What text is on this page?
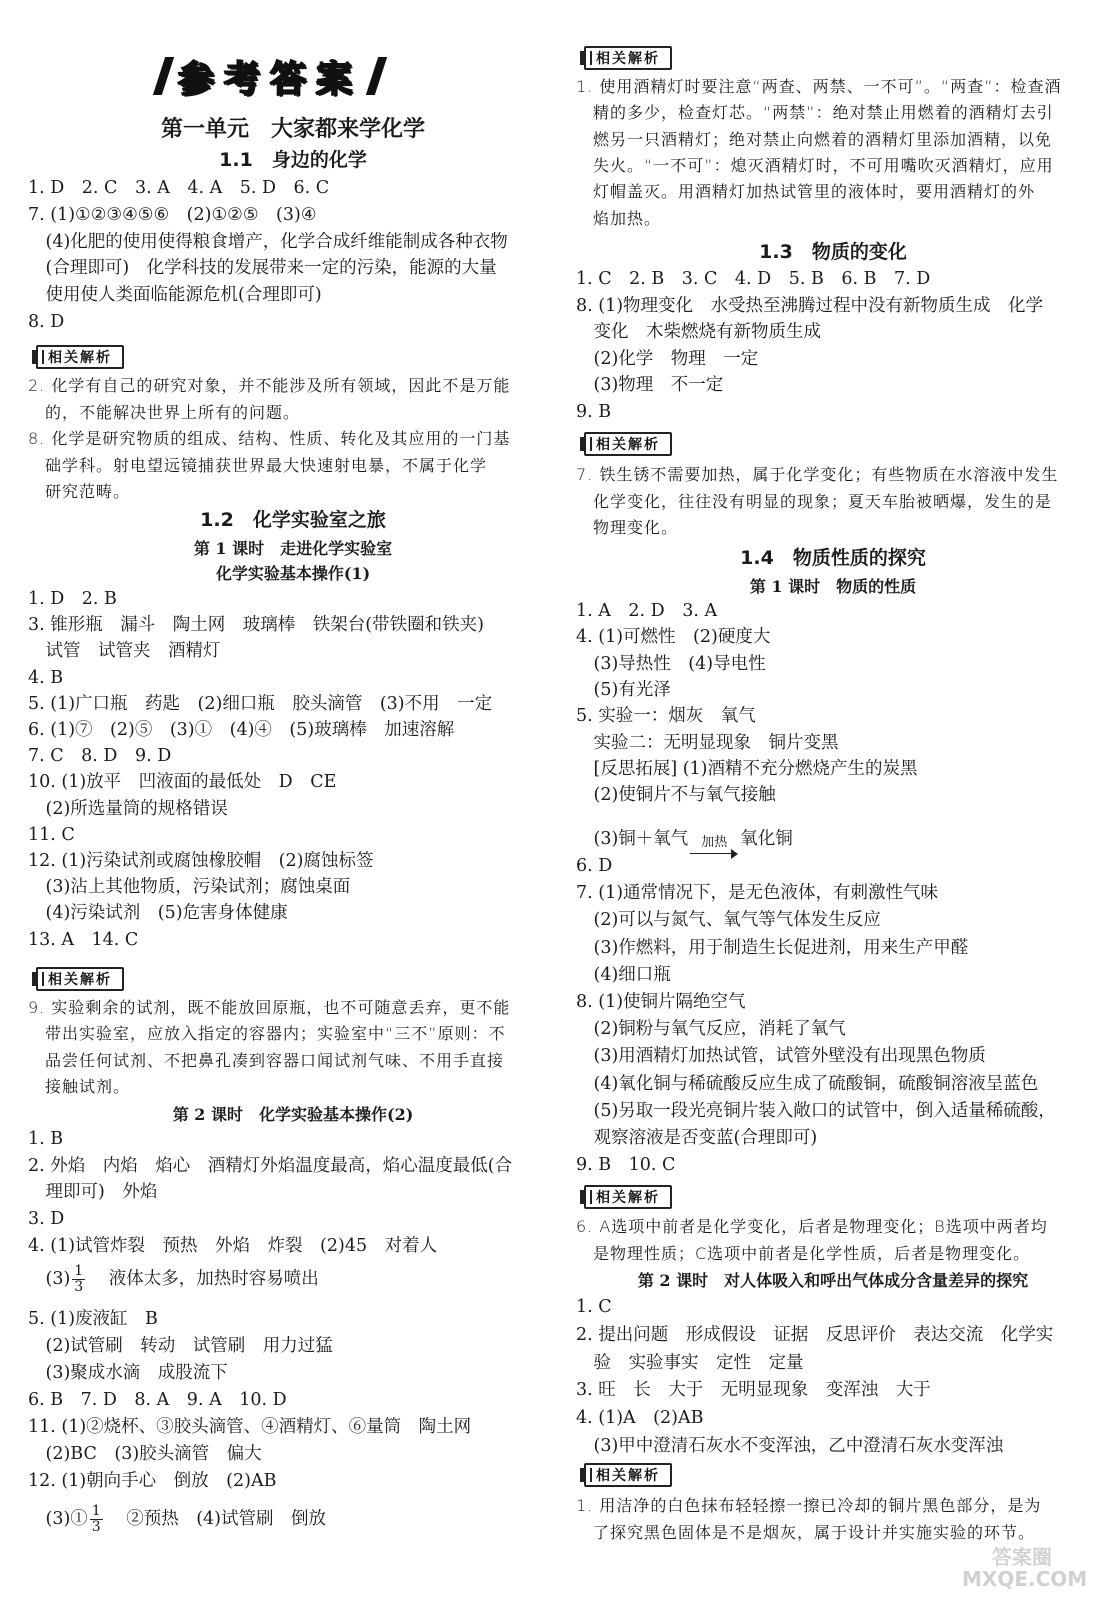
参考答案
第一单元　大家都来学化学
1.1　身边的化学
1. D　2. C　3. A　4. A　5. D　6. C
7. (1)①②③④⑤⑥　(2)①②⑤　(3)④
　(4)化肥的使用使得粮食增产，化学合成纤维能制成各种衣物
　(合理即可)　化学科技的发展带来一定的污染，能源的大量
　使用使人类面临能源危机(合理即可)
8. D
相关解析
2. 化学有自己的研究对象，并不能涉及所有领域，因此不是万能
　的，不能解决世界上所有的问题。
8. 化学是研究物质的组成、结构、性质、转化及其应用的一门基
　础学科。射电望远镜捕获世界最大快速射电暴，不属于化学
　研究范畴。
1.2　化学实验室之旅
第 1 课时　走进化学实验室
化学实验基本操作(1)
1. D　2. B
3. 锥形瓶　漏斗　陶土网　玻璃棒　铁架台(带铁圈和铁夹)
　试管　试管夹　酒精灯
4. B
5. (1)广口瓶　药匙　(2)细口瓶　胶头滴管　(3)不用　一定
6. (1)⑦　(2)⑤　(3)①　(4)④　(5)玻璃棒　加速溶解
7. C　8. D　9. D
10. (1)放平　凹液面的最低处　D　CE
　(2)所选量筒的规格错误
11. C
12. (1)污染试剂或腐蚀橡胶帽　(2)腐蚀标签
　(3)沾上其他物质，污染试剂；腐蚀桌面
　(4)污染试剂　(5)危害身体健康
13. A　14. C
相关解析
9. 实验剩余的试剂，既不能放回原瓶，也不可随意丢弃，更不能
　带出实验室，应放入指定的容器内；实验室中“三不”原则：不
　品尝任何试剂、不把鼻孔凑到容器口闻试剂气味、不用手直接
　接触试剂。
第 2 课时　化学实验基本操作(2)
1. B
2. 外焰　内焰　焰心　酒精灯外焰温度最高，焰心温度最低(合
　理即可)　外焰
3. D
4. (1)试管炸裂　预热　外焰　炸裂　(2)45　对着人
　$(3) \frac{1}{3}$ 　液体太多，加热时容易喷出
5. (1)废液缸　B
　(2)试管刷　转动　试管刷　用力过猛
　(3)聚成水滴　成股流下
6. B　7. D　8. A　9. A　10. D
11. (1)②烧杯、③胶头滴管、④酒精灯、⑥量筒　陶土网
　(2)BC　(3)胶头滴管　偏大
12. (1)朝向手心　倒放　(2)AB
　(3)① $\frac{1}{3}$ 　②预热　(4)试管刷　倒放
相关解析
1. 使用酒精灯时要注意“两查、两禁、一不可”。“两查”：检查酒
　精的多少，检查灯芯。“两禁”：绝对禁止用燃着的酒精灯去引
　燃另一只酒精灯；绝对禁止向燃着的酒精灯里添加酒精，以免
　失火。“一不可”：熄灭酒精灯时，不可用嘴吹灭酒精灯，应用
　灯帽盖灭。用酒精灯加热试管里的液体时，要用酒精灯的外
　焰加热。
1.3　物质的变化
1. C　2. B　3. C　4. D　5. B　6. B　7. D
8. (1)物理变化　水受热至沸腾过程中没有新物质生成　化学
　变化　木柴燃烧有新物质生成
　(2)化学　物理　一定
　(3)物理　不一定
9. B
相关解析
7. 铁生锈不需要加热，属于化学变化；有些物质在水溶液中发生
　化学变化，往往没有明显的现象；夏天车胎被晒爆，发生的是
　物理变化。
1.4　物质性质的探究
第 1 课时　物质的性质
1. A　2. D　3. A
4. (1)可燃性　(2)硬度大
　(3)导热性　(4)导电性
　(5)有光泽
5. 实验一：烟灰　氧气
　实验二：无明显现象　铜片变黑
　[反思拓展] (1)酒精不充分燃烧产生的炭黑
　(2)使铜片不与氧气接触
　(3)铜＋氧气 加热 氧化铜
6. D
7. (1)通常情况下，是无色液体，有刺激性气味
　(2)可以与氮气、氧气等气体发生反应
　(3)作燃料，用于制造生长促进剂，用来生产甲醛
　(4)细口瓶
8. (1)使铜片隔绝空气
　(2)铜粉与氧气反应，消耗了氧气
　(3)用酒精灯加热试管，试管外壁没有出现黑色物质
　(4)氧化铜与稀硫酸反应生成了硫酸铜，硫酸铜溶液呈蓝色
　(5)另取一段光亮铜片装入敞口的试管中，倒入适量稀硫酸，
　观察溶液是否变蓝(合理即可)
9. B　10. C
相关解析
6. A选项中前者是化学变化，后者是物理变化；B选项中两者均
　是物理性质；C选项中前者是化学性质，后者是物理变化。
第 2 课时　对人体吸入和呼出气体成分含量差异的探究
1. C
2. 提出问题　形成假设　证据　反思评价　表达交流　化学实
　验　实验事实　定性　定量
3. 旺　长　大于　无明显现象　变浑浊　大于
4. (1)A　(2)AB
　(3)甲中澄清石灰水不变浑浊，乙中澄清石灰水变浑浊
相关解析
1. 用洁净的白色抹布轻轻擦一擦已冷却的铜片黑色部分，是为
　了探究黑色固体是不是烟灰，属于设计并实施实验的环节。
答案圈 MXQE.COM
